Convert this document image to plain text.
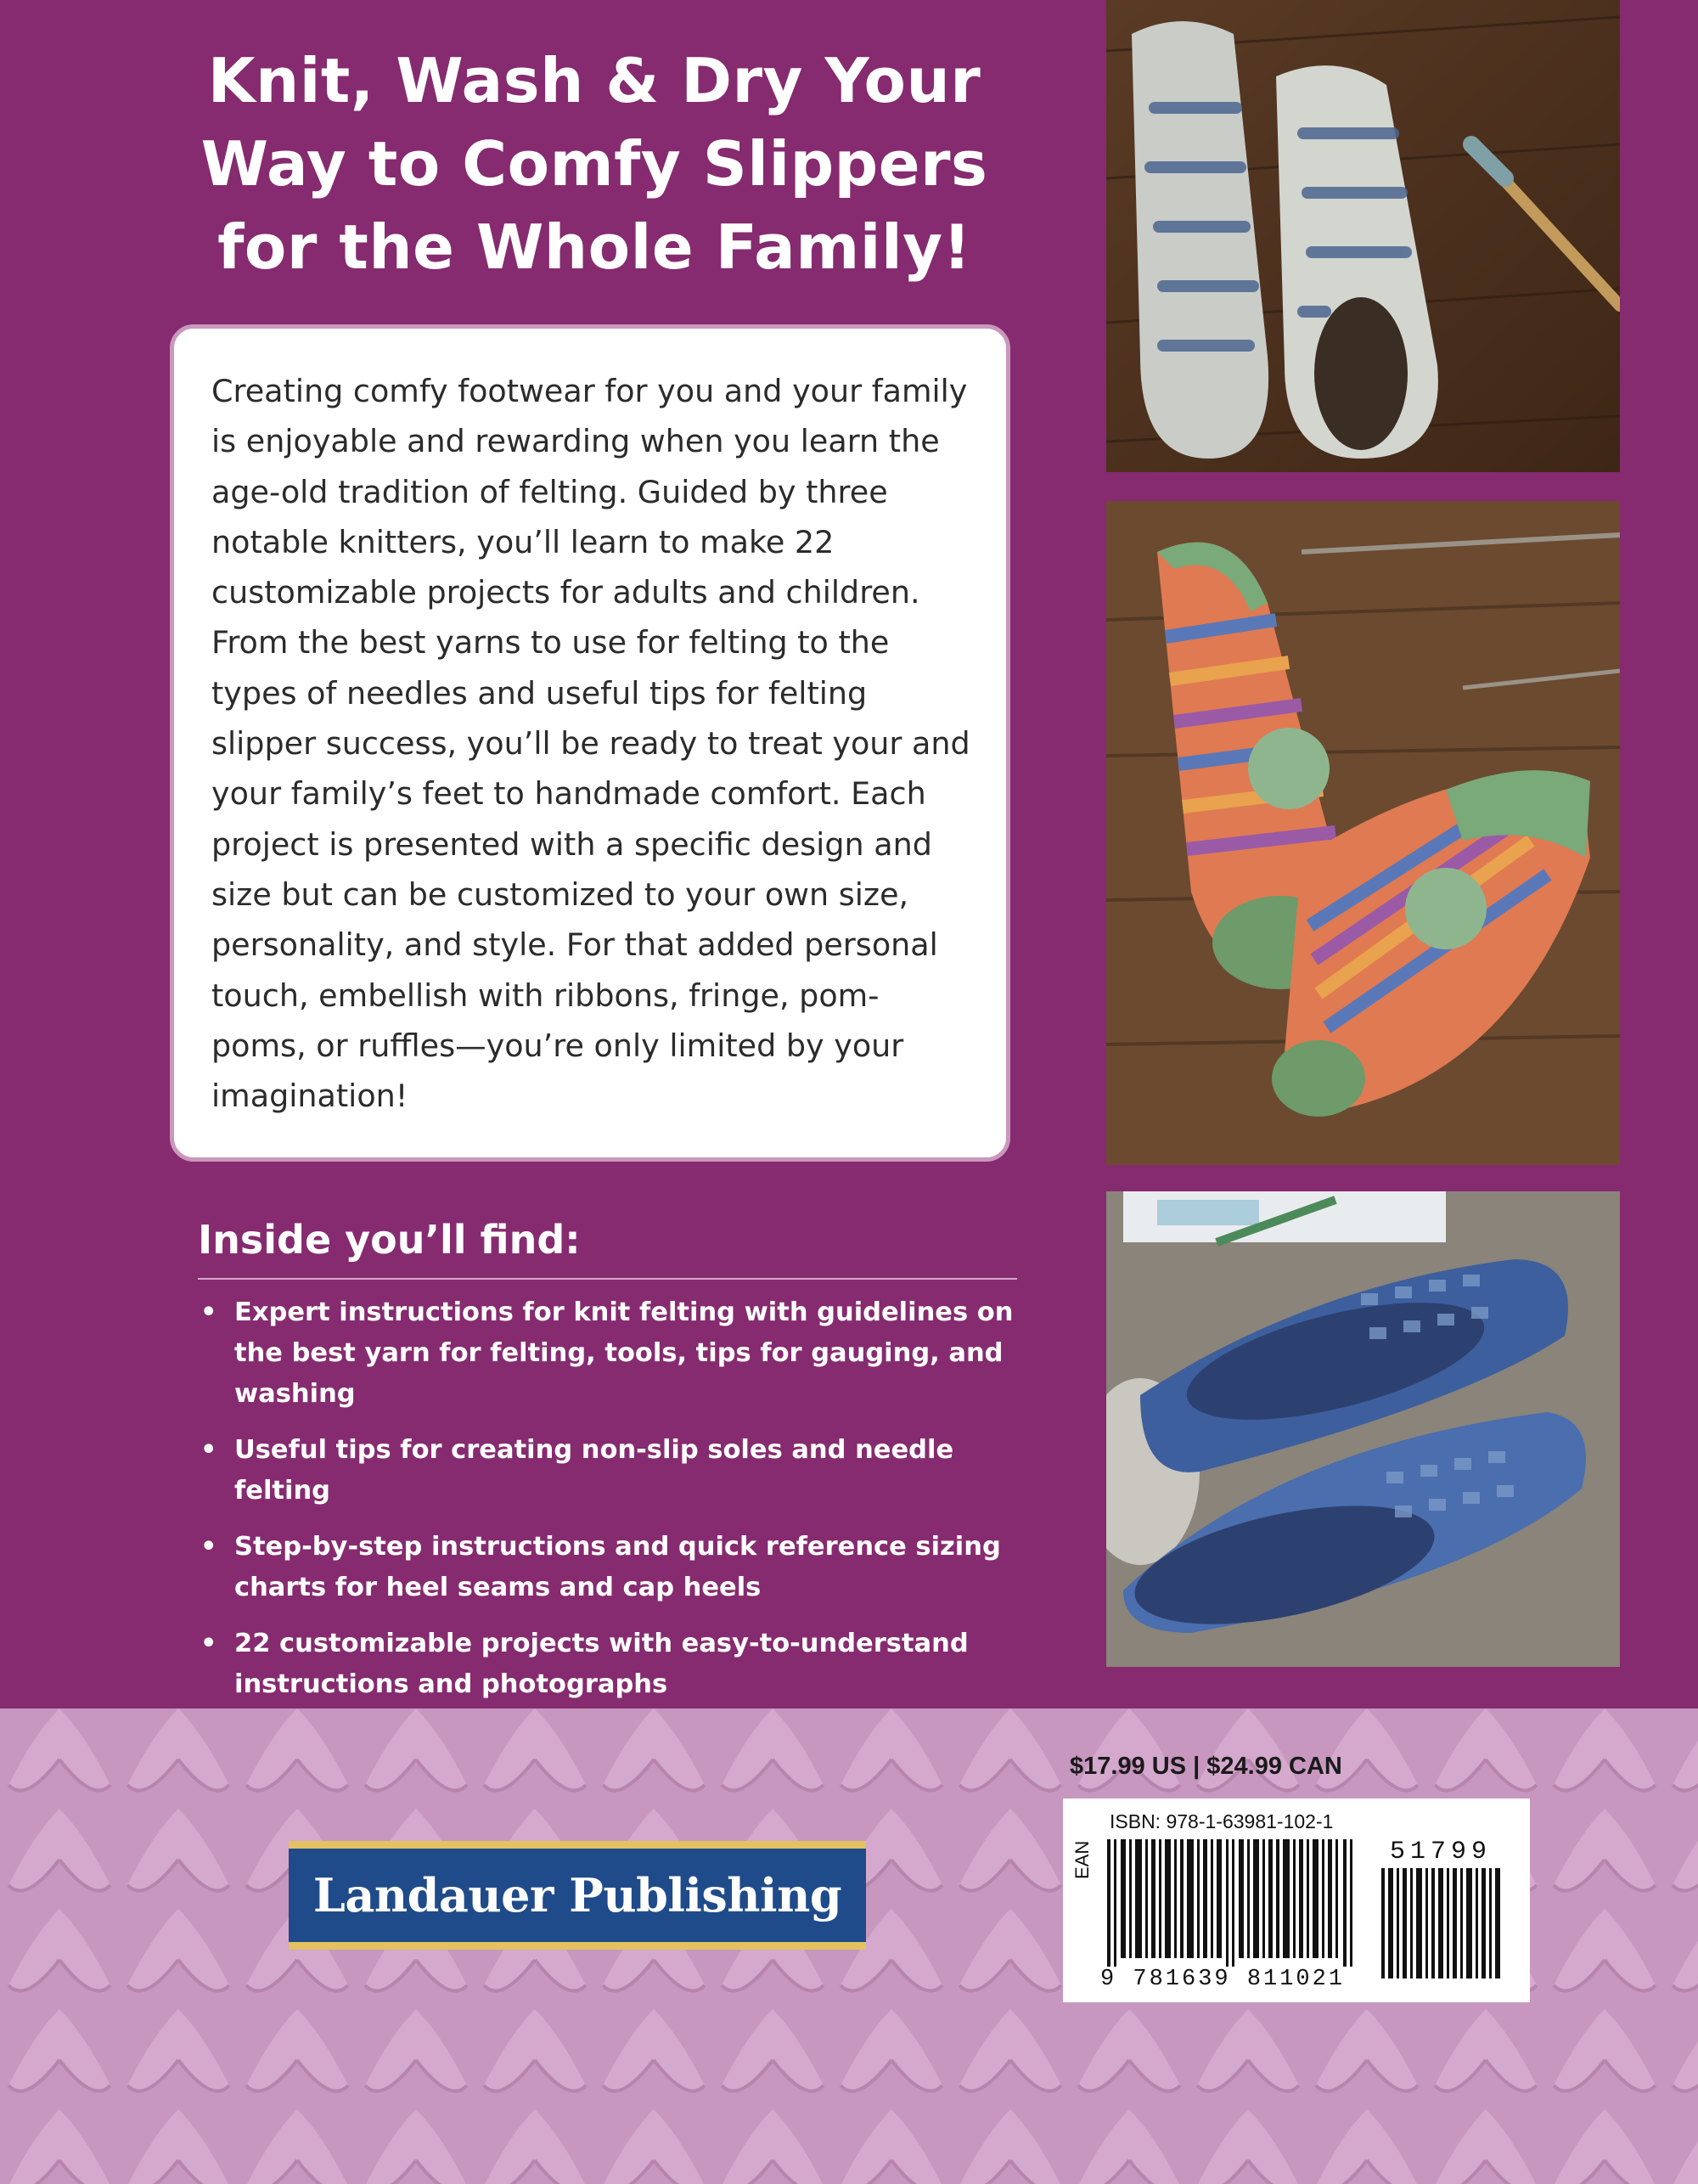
Knit, Wash & Dry Your
Way to Comfy Slippers
for the Whole Family!

Creating comfy footwear for you and your family is enjoyable and rewarding when you learn the age-old tradition of felting. Guided by three notable knitters, you’ll learn to make 22 customizable projects for adults and children. From the best yarns to use for felting to the types of needles and useful tips for felting slipper success, you’ll be ready to treat your and your family’s feet to handmade comfort. Each project is presented with a specific design and size but can be customized to your own size, personality, and style. For that added personal touch, embellish with ribbons, fringe, pom-poms, or ruffles—you’re only limited by your imagination!

Inside you’ll find:
• Expert instructions for knit felting with guidelines on the best yarn for felting, tools, tips for gauging, and washing
• Useful tips for creating non-slip soles and needle felting
• Step-by-step instructions and quick reference sizing charts for heel seams and cap heels
• 22 customizable projects with easy-to-understand instructions and photographs
Landauer Publishing
$17.99 US | $24.99 CAN
ISBN: 978-1-63981-102-1
EAN	51799
9 781639 811021
